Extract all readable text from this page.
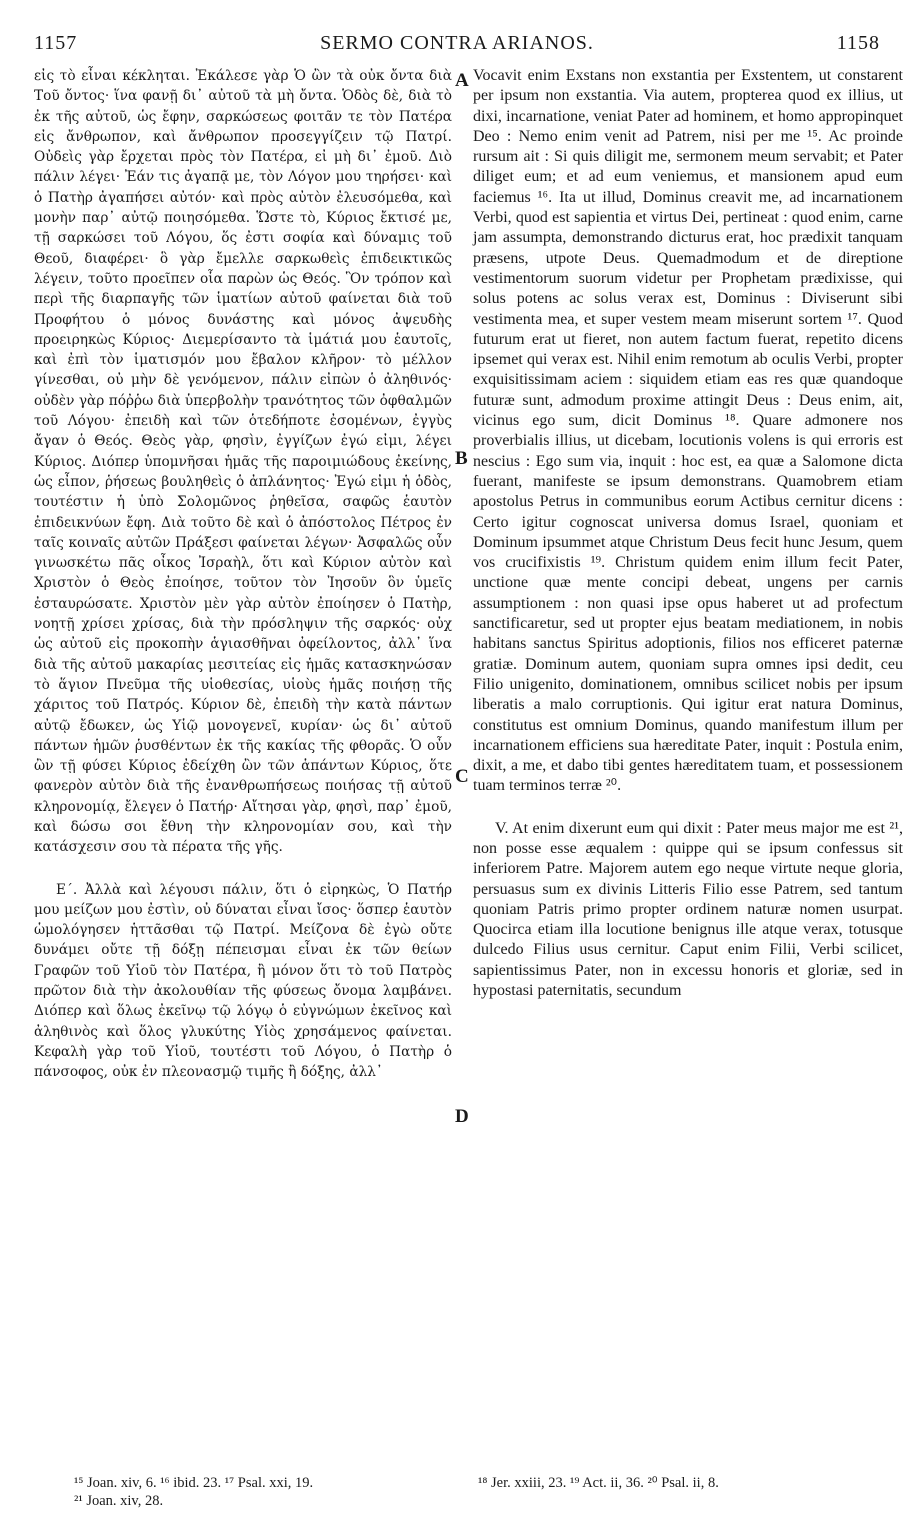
1157	SERMO CONTRA ARIANOS.	1158

εἰς τὸ εἶναι κέκληται. Ἐκάλεσε γὰρ Ὁ ὢν τὰ οὐκ ὄντα διὰ Τοῦ ὄντος· ἵνα φανῇ δι᾽ αὐτοῦ τὰ μὴ ὄντα. Ὁδὸς δὲ, διὰ τὸ ἐκ τῆς αὐτοῦ, ὡς ἔφην, σαρκώσεως φοιτᾶν τε τὸν Πατέρα εἰς ἄνθρωπον, καὶ ἄνθρωπον προσεγγίζειν τῷ Πατρί. Οὐδεὶς γὰρ ἔρχεται πρὸς τὸν Πατέρα, εἰ μὴ δι᾽ ἐμοῦ. Διὸ πάλιν λέγει· Ἐάν τις ἀγαπᾷ με, τὸν Λόγον μου τηρήσει· καὶ ὁ Πατὴρ ἀγαπήσει αὐτόν· καὶ πρὸς αὐτὸν ἐλευσόμεθα, καὶ μονὴν παρ᾽ αὐτῷ ποιησόμεθα. Ὥστε τὸ, Κύριος ἔκτισέ με, τῇ σαρκώσει τοῦ Λόγου, ὅς ἐστι σοφία καὶ δύναμις τοῦ Θεοῦ, διαφέρει· ὃ γὰρ ἔμελλε σαρκωθεὶς ἐπιδεικτικῶς λέγειν, τοῦτο προεῖπεν οἷα παρὼν ὡς Θεός. Ὃν τρόπον καὶ περὶ τῆς διαρπαγῆς τῶν ἱματίων αὐτοῦ φαίνεται διὰ τοῦ Προφήτου ὁ μόνος δυνάστης καὶ μόνος ἀψευδὴς προειρηκὼς Κύριος· Διεμερίσαντο τὰ ἱμάτιά μου ἑαυτοῖς, καὶ ἐπὶ τὸν ἱματισμόν μου ἔβαλον κλῆρον· τὸ μέλλον γίνεσθαι, οὐ μὴν δὲ γενόμενον, πάλιν εἰπὼν ὁ ἀληθινός· οὐδὲν γὰρ πόῤῥω διὰ ὑπερβολὴν τρανότητος τῶν ὀφθαλμῶν τοῦ Λόγου· ἐπειδὴ καὶ τῶν ὁτεδήποτε ἐσομένων, ἐγγὺς ἄγαν ὁ Θεός. Θεὸς γὰρ, φησὶν, ἐγγίζων ἐγώ εἰμι, λέγει Κύριος. Διόπερ ὑπομνῆσαι ἡμᾶς τῆς παροιμιώδους ἐκείνης, ὡς εἶπον, ῥήσεως βουληθεὶς ὁ ἀπλάνητος· Ἐγώ εἰμι ἡ ὁδὸς, τουτέστιν ἡ ὑπὸ Σολομῶνος ῥηθεῖσα, σαφῶς ἑαυτὸν ἐπιδεικνύων ἔφη. Διὰ τοῦτο δὲ καὶ ὁ ἀπόστολος Πέτρος ἐν ταῖς κοιναῖς αὐτῶν Πράξεσι φαίνεται λέγων· Ἀσφαλῶς οὖν γινωσκέτω πᾶς οἶκος Ἰσραὴλ, ὅτι καὶ Κύριον αὐτὸν καὶ Χριστὸν ὁ Θεὸς ἐποίησε, τοῦτον τὸν Ἰησοῦν ὃν ὑμεῖς ἐσταυρώσατε. Χριστὸν μὲν γὰρ αὐτὸν ἐποίησεν ὁ Πατὴρ, νοητῇ χρίσει χρίσας, διὰ τὴν πρόσληψιν τῆς σαρκός· οὐχ ὡς αὐτοῦ εἰς προκοπὴν ἁγιασθῆναι ὀφείλοντος, ἀλλ᾽ ἵνα διὰ τῆς αὐτοῦ μακαρίας μεσιτείας εἰς ἡμᾶς κατασκηνώσαν τὸ ἅγιον Πνεῦμα τῆς υἱοθεσίας, υἱοὺς ἡμᾶς ποιήσῃ τῆς χάριτος τοῦ Πατρός. Κύριον δὲ, ἐπειδὴ τὴν κατὰ πάντων αὐτῷ ἔδωκεν, ὡς Υἱῷ μονογενεῖ, κυρίαν· ὡς δι᾽ αὐτοῦ πάντων ἡμῶν ῥυσθέντων ἐκ τῆς κακίας τῆς φθορᾶς. Ὁ οὖν ὢν τῇ φύσει Κύριος ἐδείχθη ὢν τῶν ἁπάντων Κύριος, ὅτε φανερὸν αὐτὸν διὰ τῆς ἐνανθρωπήσεως ποιήσας τῇ αὐτοῦ κληρονομίᾳ, ἔλεγεν ὁ Πατήρ· Αἴτησαι γὰρ, φησὶ, παρ᾽ ἐμοῦ, καὶ δώσω σοι ἔθνη τὴν κληρονομίαν σου, καὶ τὴν κατάσχεσιν σου τὰ πέρατα τῆς γῆς.

Ε΄. Ἀλλὰ καὶ λέγουσι πάλιν, ὅτι ὁ εἰρηκὼς, Ὁ Πατήρ μου μείζων μου ἐστὶν, οὐ δύναται εἶναι ἴσος· ὅσπερ ἑαυτὸν ὡμολόγησεν ἡττᾶσθαι τῷ Πατρί. Μείζονα δὲ ἐγὼ οὔτε δυνάμει οὔτε τῇ δόξῃ πέπεισμαι εἶναι ἐκ τῶν θείων Γραφῶν τοῦ Υἱοῦ τὸν Πατέρα, ἢ μόνον ὅτι τὸ τοῦ Πατρὸς πρῶτον διὰ τὴν ἀκολουθίαν τῆς φύσεως ὄνομα λαμβάνει. Διόπερ καὶ ὅλως ἐκεῖνῳ τῷ λόγῳ ὁ εὐγνώμων ἐκεῖνος καὶ ἀληθινὸς καὶ ὅλος γλυκύτης Υἱὸς χρησάμενος φαίνεται. Κεφαλὴ γὰρ τοῦ Υἱοῦ, τουτέστι τοῦ Λόγου, ὁ Πατὴρ ὁ πάνσοφος, οὐκ ἐν πλεονασμῷ τιμῆς ἢ δόξης, ἀλλ᾽

A
B
C
D

Vocavit enim Exstans non exstantia per Exstentem, ut constarent per ipsum non exstantia. Via autem, propterea quod ex illius, ut dixi, incarnatione, veniat Pater ad hominem, et homo appropinquet Deo : Nemo enim venit ad Patrem, nisi per me ¹⁵. Ac proinde rursum ait : Si quis diligit me, sermonem meum servabit; et Pater diliget eum; et ad eum veniemus, et mansionem apud eum faciemus ¹⁶. Ita ut illud, Dominus creavit me, ad incarnationem Verbi, quod est sapientia et virtus Dei, pertineat : quod enim, carne jam assumpta, demonstrando dicturus erat, hoc prædixit tanquam præsens, utpote Deus. Quemadmodum et de direptione vestimentorum suorum videtur per Prophetam prædixisse, qui solus potens ac solus verax est, Dominus : Diviserunt sibi vestimenta mea, et super vestem meam miserunt sortem ¹⁷. Quod futurum erat ut fieret, non autem factum fuerat, repetito dicens ipsemet qui verax est. Nihil enim remotum ab oculis Verbi, propter exquisitissimam aciem : siquidem etiam eas res quæ quandoque futuræ sunt, admodum proxime attingit Deus : Deus enim, ait, vicinus ego sum, dicit Dominus ¹⁸. Quare admonere nos proverbialis illius, ut dicebam, locutionis volens is qui erroris est nescius : Ego sum via, inquit : hoc est, ea quæ a Salomone dicta fuerant, manifeste se ipsum demonstrans. Quamobrem etiam apostolus Petrus in communibus eorum Actibus cernitur dicens : Certo igitur cognoscat universa domus Israel, quoniam et Dominum ipsummet atque Christum Deus fecit hunc Jesum, quem vos crucifixistis ¹⁹. Christum quidem enim illum fecit Pater, unctione quæ mente concipi debeat, ungens per carnis assumptionem : non quasi ipse opus haberet ut ad profectum sanctificaretur, sed ut propter ejus beatam mediationem, in nobis habitans sanctus Spiritus adoptionis, filios nos efficeret paternæ gratiæ. Dominum autem, quoniam supra omnes ipsi dedit, ceu Filio unigenito, dominationem, omnibus scilicet nobis per ipsum liberatis a malo corruptionis. Qui igitur erat natura Dominus, constitutus est omnium Dominus, quando manifestum illum per incarnationem efficiens sua hæreditate Pater, inquit : Postula enim, dixit, a me, et dabo tibi gentes hæreditatem tuam, et possessionem tuam terminos terræ ²⁰.

V. At enim dixerunt eum qui dixit : Pater meus major me est ²¹, non posse esse æqualem : quippe qui se ipsum confessus sit inferiorem Patre. Majorem autem ego neque virtute neque gloria, persuasus sum ex divinis Litteris Filio esse Patrem, sed tantum quoniam Patris primo propter ordinem naturæ nomen usurpat. Quocirca etiam illa locutione benignus ille atque verax, totusque dulcedo Filius usus cernitur. Caput enim Filii, Verbi scilicet, sapientissimus Pater, non in excessu honoris et gloriæ, sed in hypostasi paternitatis, secundum

¹⁵ Joan. xiv, 6. ¹⁶ ibid. 23. ¹⁷ Psal. xxi, 19.
²¹ Joan. xiv, 28.
¹⁸ Jer. xxiii, 23. ¹⁹ Act. ii, 36. ²⁰ Psal. ii, 8.
